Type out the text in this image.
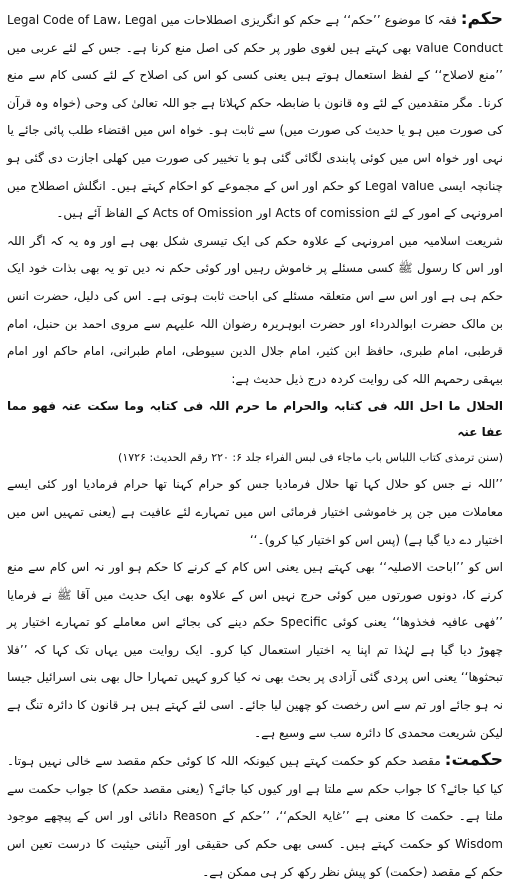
حکم:فقہ کا موضوع ’’حکم‘‘ ہے حکم کو انگریزی اصطلاحات میں Legal Code of Law، Legal value Conduct بھی کہتے ہیں لغوی طور پر حکم کی اصل منع کرنا ہے۔ جس کے لئے عربی میں ’’منع لاصلاح‘‘ کے لفظ استعمال ہوتے ہیں یعنی کسی کو اس کی اصلاح کے لئے کسی کام سے منع کرنا۔ مگر متقدمین کے لئے وہ قانون با ضابطہ حکم کہلاتا ہے جو اللہ تعالیٰ کی وحی (خواہ وہ قرآن کی صورت میں ہو یا حدیث کی صورت میں) سے ثابت ہو۔ خواہ اس میں اقتضاء طلب پائی جائے یا نہی اور خواہ اس میں کوئی پابندی لگائی گئی ہو یا تخییر کی صورت میں کھلی اجازت دی گئی ہو چنانچہ ایسی Legal value کو حکم اور اس کے مجموعے کو احکام کہتے ہیں۔ انگلش اصطلاح میں امرونہی کے امور کے لئے Acts of comission اور Acts of Omission کے الفاظ آئے ہیں۔

شریعت اسلامیہ میں امرونہی کے علاوہ حکم کی ایک تیسری شکل بھی ہے اور وہ یہ کہ اگر اللہ اور اس کا رسول ﷺ کسی مسئلے پر خاموش رہیں اور کوئی حکم نہ دیں تو یہ بھی بذات خود ایک حکم ہی ہے اور اس سے اس متعلقہ مسئلے کی اباحت ثابت ہوتی ہے۔ اس کی دلیل، حضرت انس بن مالک حضرت ابوالدرداء اور حضرت ابوہریرہ رضوان اللہ علیہم سے مروی احمد بن حنبل، امام قرطبی، امام طبری، حافظ ابن کثیر، امام جلال الدین سیوطی، امام طبرانی، امام حاکم اور امام بیہقی رحمہم اللہ کی روایت کردہ درج ذیل حدیث ہے:

الحلال ما احل اللہ فی کتابہ والحرام ما حرم اللہ فی کتابہ وما سکت عنہ فھو مما عفا عنہ

(سنن ترمذی کتاب اللباس باب ماجاء فی لبس الفراء جلد ۶: ۲۲۰ رقم الحدیث: ۱۷۲۶)

’’اللہ نے جس کو حلال کہا تھا حلال فرمادیا جس کو حرام کہنا تھا حرام فرمادیا اور کئی ایسے معاملات میں جن پر خاموشی اختیار فرمائی اس میں تمہارے لئے عافیت ہے (یعنی تمہیں اس میں اختیار دے دیا گیا ہے) (پس اس کو اختیار کیا کرو)۔‘‘

اس کو ’’اباحت الاصلیہ‘‘ بھی کہتے ہیں یعنی اس کام کے کرنے کا حکم ہو اور نہ اس کام سے منع کرنے کا، دونوں صورتوں میں کوئی حرج نہیں اس کے علاوہ بھی ایک حدیث میں آقا ﷺ نے فرمایا ’’فھی عافیہ فخذوھا‘‘ یعنی کوئی Specific حکم دینے کی بجائے اس معاملے کو تمہارے اختیار پر چھوڑ دیا گیا ہے لہٰذا تم اپنا یہ اختیار استعمال کیا کرو۔ ایک روایت میں یہاں تک کہا کہ ’’فلا تبحثوھا‘‘ یعنی اس پردی گئی آزادی پر بحث بھی نہ کیا کرو کہیں تمہارا حال بھی بنی اسرائیل جیسا نہ ہو جائے اور تم سے اس رخصت کو چھین لیا جائے۔ اسی لئے کہتے ہیں ہر قانون کا دائرہ تنگ ہے لیکن شریعت محمدی کا دائرہ سب سے وسیع ہے۔

حکمت:مقصد حکم کو حکمت کہتے ہیں کیونکہ اللہ کا کوئی حکم مقصد سے خالی نہیں ہوتا۔ کیا کیا جائے؟ کا جواب حکم سے ملتا ہے اور کیوں کیا جائے؟ (یعنی مقصد حکم) کا جواب حکمت سے ملتا ہے۔ حکمت کا معنی ہے ’’غایۃ الحکم‘‘، ’’حکم کے Reason دانائی اور اس کے پیچھے موجود Wisdom کو حکمت کہتے ہیں۔ کسی بھی حکم کی حقیقی اور آئینی حیثیت کا درست تعین اس حکم کے مقصد (حکمت) کو پیش نظر رکھ کر ہی ممکن ہے۔
